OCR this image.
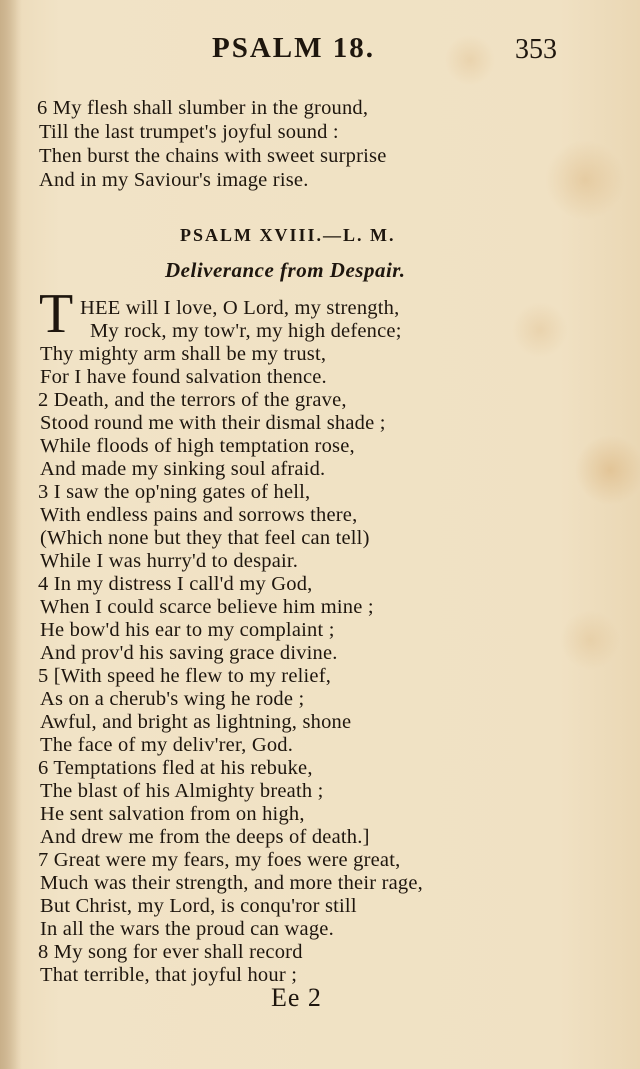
PSALM 18.	353
6 My flesh shall slumber in the ground,
Till the last trumpet's joyful sound :
Then burst the chains with sweet surprise
And in my Saviour's image rise.
PSALM XVIII.—L. M.
Deliverance from Despair.
T HEE will I love, O Lord, my strength,
My rock, my tow'r, my high defence;
Thy mighty arm shall be my trust,
For I have found salvation thence.
2 Death, and the terrors of the grave,
Stood round me with their dismal shade ;
While floods of high temptation rose,
And made my sinking soul afraid.
3 I saw the op'ning gates of hell,
With endless pains and sorrows there,
(Which none but they that feel can tell)
While I was hurry'd to despair.
4 In my distress I call'd my God,
When I could scarce believe him mine ;
He bow'd his ear to my complaint ;
And prov'd his saving grace divine.
5 [With speed he flew to my relief,
As on a cherub's wing he rode ;
Awful, and bright as lightning, shone
The face of my deliv'rer, God.
6 Temptations fled at his rebuke,
The blast of his Almighty breath ;
He sent salvation from on high,
And drew me from the deeps of death.]
7 Great were my fears, my foes were great,
Much was their strength, and more their rage,
But Christ, my Lord, is conqu'ror still
In all the wars the proud can wage.
8 My song for ever shall record
That terrible, that joyful hour ;
Ee 2
